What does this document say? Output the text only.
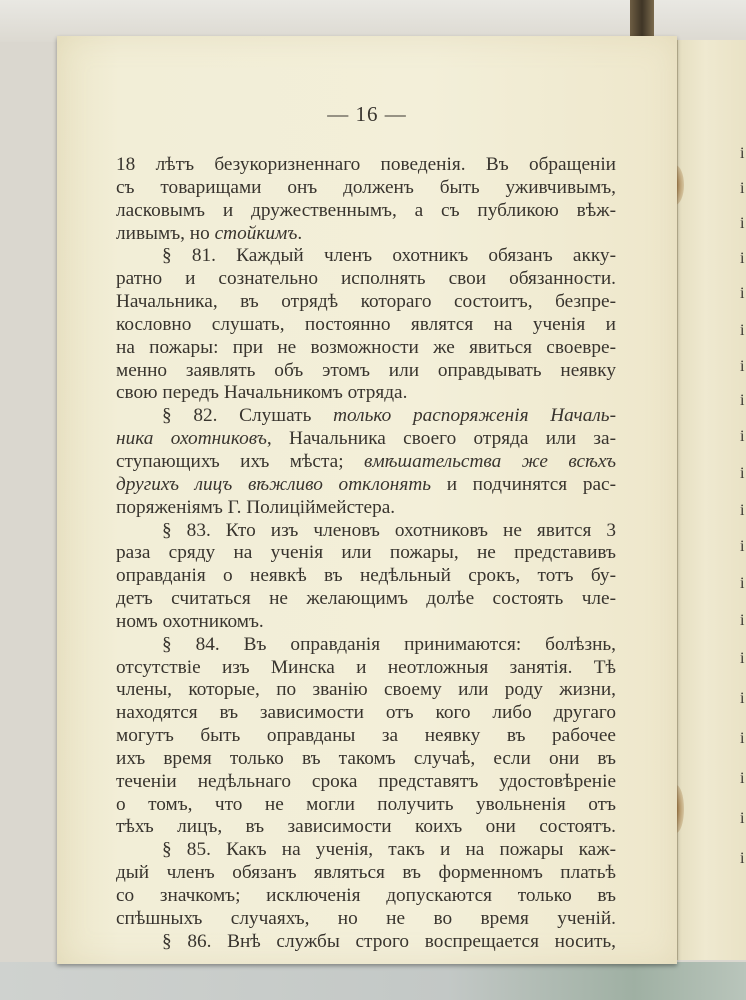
і
і
і
і
і
і
і
і
і
і
і
і
і
і
і
і
і
і
і
і
— 16 —
18 лѣтъ безукоризненнаго поведенія. Въ обращеніи
съ товарищами онъ долженъ быть уживчивымъ,
ласковымъ и дружественнымъ, а съ публикою вѣж-
ливымъ, но стойкимъ.
§ 81. Каждый членъ охотникъ обязанъ акку-
ратно и сознательно исполнять свои обязанности.
Начальника, въ отрядѣ котораго состоитъ, безпре-
кословно слушать, постоянно являтся на ученія и
на пожары: при не возможности же явиться своевре-
менно заявлять объ этомъ или оправдывать неявку
свою передъ Начальникомъ отряда.
§ 82. Слушать только распоряженія Началь-
ника охотниковъ, Начальника своего отряда или за-
ступающихъ ихъ мѣста; вмѣшательства же всѣхъ
другихъ лицъ вѣжливо отклонять и подчинятся рас-
поряженіямъ Г. Полиціймейстера.
§ 83. Кто изъ членовъ охотниковъ не явится 3
раза сряду на ученія или пожары, не представивъ
оправданія о неявкѣ въ недѣльный срокъ, тотъ бу-
детъ считаться не желающимъ долѣе состоять чле-
номъ охотникомъ.
§ 84. Въ оправданія принимаются: болѣзнь,
отсутствіе изъ Минска и неотложныя занятія. Тѣ
члены, которые, по званію своему или роду жизни,
находятся въ зависимости отъ кого либо другаго
могутъ быть оправданы за неявку въ рабочее
ихъ время только въ такомъ случаѣ, если они въ
теченіи недѣльнаго срока представятъ удостовѣреніе
о томъ, что не могли получить увольненія отъ
тѣхъ лицъ, въ зависимости коихъ они состоятъ.
§ 85. Какъ на ученія, такъ и на пожары каж-
дый членъ обязанъ являться въ форменномъ платьѣ
со значкомъ; исключенія допускаются только въ
спѣшныхъ случаяхъ, но не во время ученій.
§ 86. Внѣ службы строго воспрещается носить,
